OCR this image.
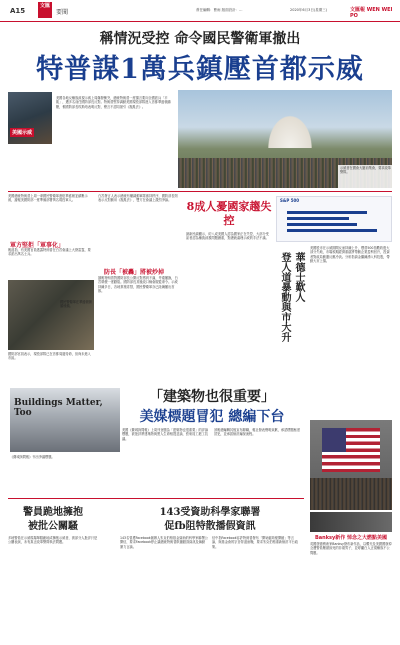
A15
文匯
要聞	責任編輯：曹雨 版面設計：...	2020年6月3日(星期三)	文匯報 WEN WEI PO
稱情況受控 命令國民警衛軍撤出
特普謀1萬兵鎮壓首都示威
美國示威
美國各地反種族歧視示威上周爆發衝突，總統特朗普一度揚言要向全國派兵「平亂」，遭多名前任國防部長反對。特朗普堅持調動美國現役部隊進入首都華盛頓鎮壓，惟國防部長埃斯珀表明反對，聲言不認同援引《叛亂法》。
示威者在國會大廈前集會，要求改革警隊。
美國總統特朗普上周一命國民警衛軍進駐華盛頓並鎮壓示威，據報美國防部一度準備部署萬名現役軍人。
軍方堅拒「軍事化」
報道指，有美國官員透露特朗普在白宮會議上大發雷霆，要求派出萬名士兵。
國民警衛軍在華盛頓街頭戒備。
國防部官員表示，現役部隊已在首都周邊待命，但尚未進入市區。
白宮發言人表示總統有權調動軍隊維持秩序，國防部長則表示反對動用《叛亂法》，雙方在會議上激烈爭論。
防長「被轟」將被炒掉
據報特朗普對國防部長公開反對感到不滿，考慮撤換，白宮幕僚一度勸阻。國防部長其後改口稱會服從命令。示威持續多日，各地實施宵禁，國民警衛軍亦已陸續撤出首都。
8成人憂國家趨失控
最新民調顯示，約八成美國人認為國家正在失控，大部分受訪者認為種族歧視問題嚴重，對總統處理示威的手法不滿。
S&P 500
登人道暴動與市大升 華德士歎人
美國股市在示威期間反而持續上升，標普500指數收復大部分失地，市場預期經濟重啟將帶動企業盈利回升，投資者對政局動盪反應冷淡。分析指資金繼續湧入科技股，帶動大市上揚。
Buildings Matter, Too
「建築物也很重要」
美媒標題冒犯 總編下台
美國《費城詢問報》上周刊登題為「建築物也很重要」的評論標題，被批評將建築物與黑人生命相提並論，惹來員工罷工抗議。
該報總編輯其後宣布辭職，報社發表聲明致歉，承認標題極度冒犯，並承諾檢討編採流程。
《費城詢問報》刊出爭議標題。
警員跪地擁抱
被批公關騷
多地警員在示威現場單膝跪地或擁抱示威者，被部分人批評只是公關表演，未有真正改革警隊執法問題。
143受資助科學家聯署
促fb阻特散播假資訊
143名曾獲Facebook創辦人朱克伯格基金資助的科學家聯署公開信，要求Facebook停止讓總統特朗普散播錯誤資訊及煽動暴力言論。
信中指Facebook容許特朗普發布「開始搶劫便開槍」等言論，與基金會的宗旨背道而馳，要求朱克伯格重新檢討平台政策。
Banksy新作 悼念之大燃點美國
英國塗鴉藝術家Banksy發布新作品，以燭光及美國國旗悼念遭警員壓頸致死的非裔男子，並呼籲白人正視種族不公問題。
